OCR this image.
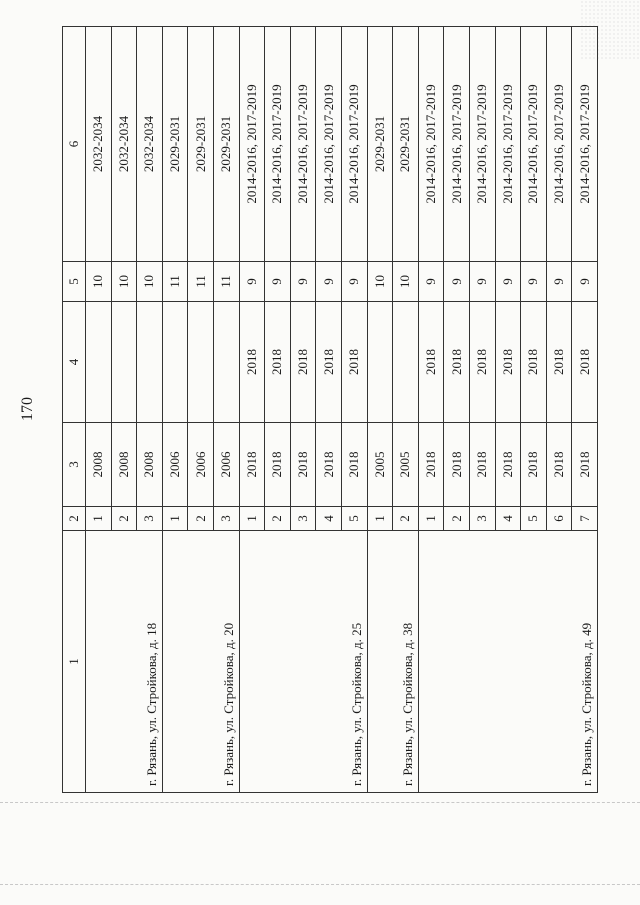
170
1	2	3	4	5	6
г. Рязань, ул. Стройкова, д. 18	1	2008		10	2032-2034
	2	2008		10	2032-2034
	3	2008		10	2032-2034
г. Рязань, ул. Стройкова, д. 20	1	2006		11	2029-2031
	2	2006		11	2029-2031
	3	2006		11	2029-2031
г. Рязань, ул. Стройкова, д. 25	1	2018	2018	9	2014-2016, 2017-2019
	2	2018	2018	9	2014-2016, 2017-2019
	3	2018	2018	9	2014-2016, 2017-2019
	4	2018	2018	9	2014-2016, 2017-2019
	5	2018	2018	9	2014-2016, 2017-2019
г. Рязань, ул. Стройкова, д. 38	1	2005		10	2029-2031
	2	2005		10	2029-2031
г. Рязань, ул. Стройкова, д. 49	1	2018	2018	9	2014-2016, 2017-2019
	2	2018	2018	9	2014-2016, 2017-2019
	3	2018	2018	9	2014-2016, 2017-2019
	4	2018	2018	9	2014-2016, 2017-2019
	5	2018	2018	9	2014-2016, 2017-2019
	6	2018	2018	9	2014-2016, 2017-2019
	7	2018	2018	9	2014-2016, 2017-2019
